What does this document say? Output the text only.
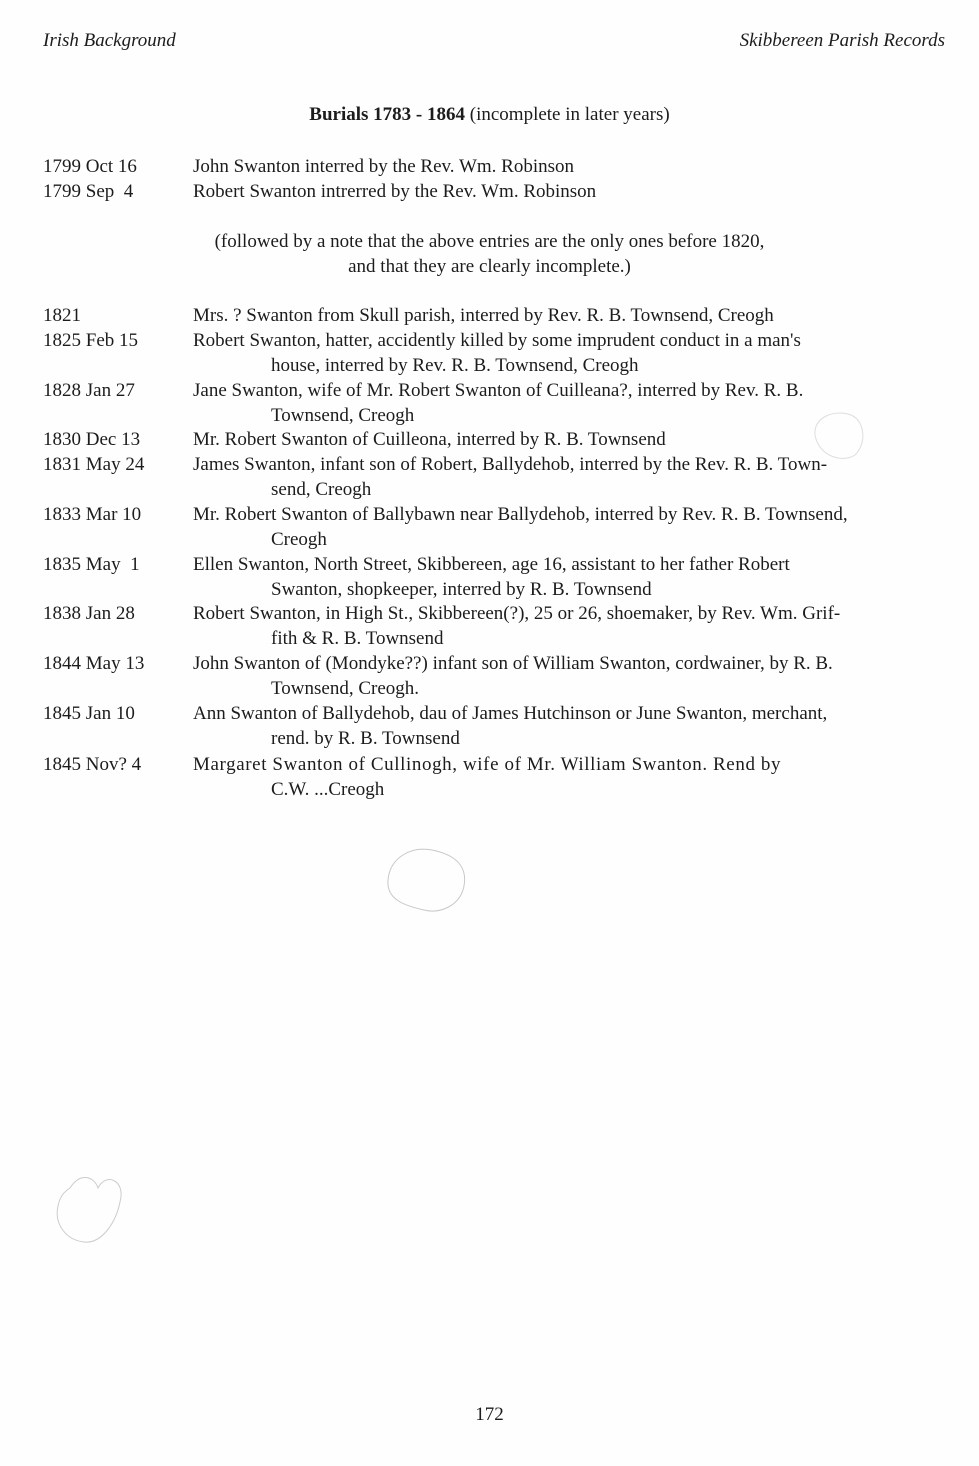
Irish Background	Skibbereen Parish Records
Burials 1783 - 1864 (incomplete in later years)
1799 Oct 16	John Swanton interred by the Rev. Wm. Robinson
1799 Sep  4	Robert Swanton intrerred by the Rev. Wm. Robinson
(followed by a note that the above entries are the only ones before 1820,
and that they are clearly incomplete.)
1821	Mrs. ? Swanton from Skull parish, interred by Rev. R. B. Townsend, Creogh
1825 Feb 15	Robert Swanton, hatter, accidently killed by some imprudent conduct in a man's
house, interred by Rev. R. B. Townsend, Creogh
1828 Jan 27	Jane Swanton, wife of Mr. Robert Swanton of Cuilleana?, interred by Rev. R. B.
Townsend, Creogh
1830 Dec 13	Mr. Robert Swanton of Cuilleona, interred by R. B. Townsend
1831 May 24	James Swanton, infant son of Robert, Ballydehob, interred by the Rev. R. B. Town-
send, Creogh
1833 Mar 10	Mr. Robert Swanton of Ballybawn near Ballydehob, interred by Rev. R. B. Townsend,
Creogh
1835 May  1	Ellen Swanton, North Street, Skibbereen, age 16, assistant to her father Robert
Swanton, shopkeeper, interred by R. B. Townsend
1838 Jan 28	Robert Swanton, in High St., Skibbereen(?), 25 or 26, shoemaker, by Rev. Wm. Grif-
fith & R. B. Townsend
1844 May 13	John Swanton of (Mondyke??) infant son of William Swanton, cordwainer, by R. B.
Townsend, Creogh.
1845 Jan 10	Ann Swanton of Ballydehob, dau of James Hutchinson or June Swanton, merchant,
rend. by R. B. Townsend
1845 Nov? 4	Margaret Swanton of Cullinogh, wife of Mr. William Swanton. Rend by
C.W. ...Creogh
172
